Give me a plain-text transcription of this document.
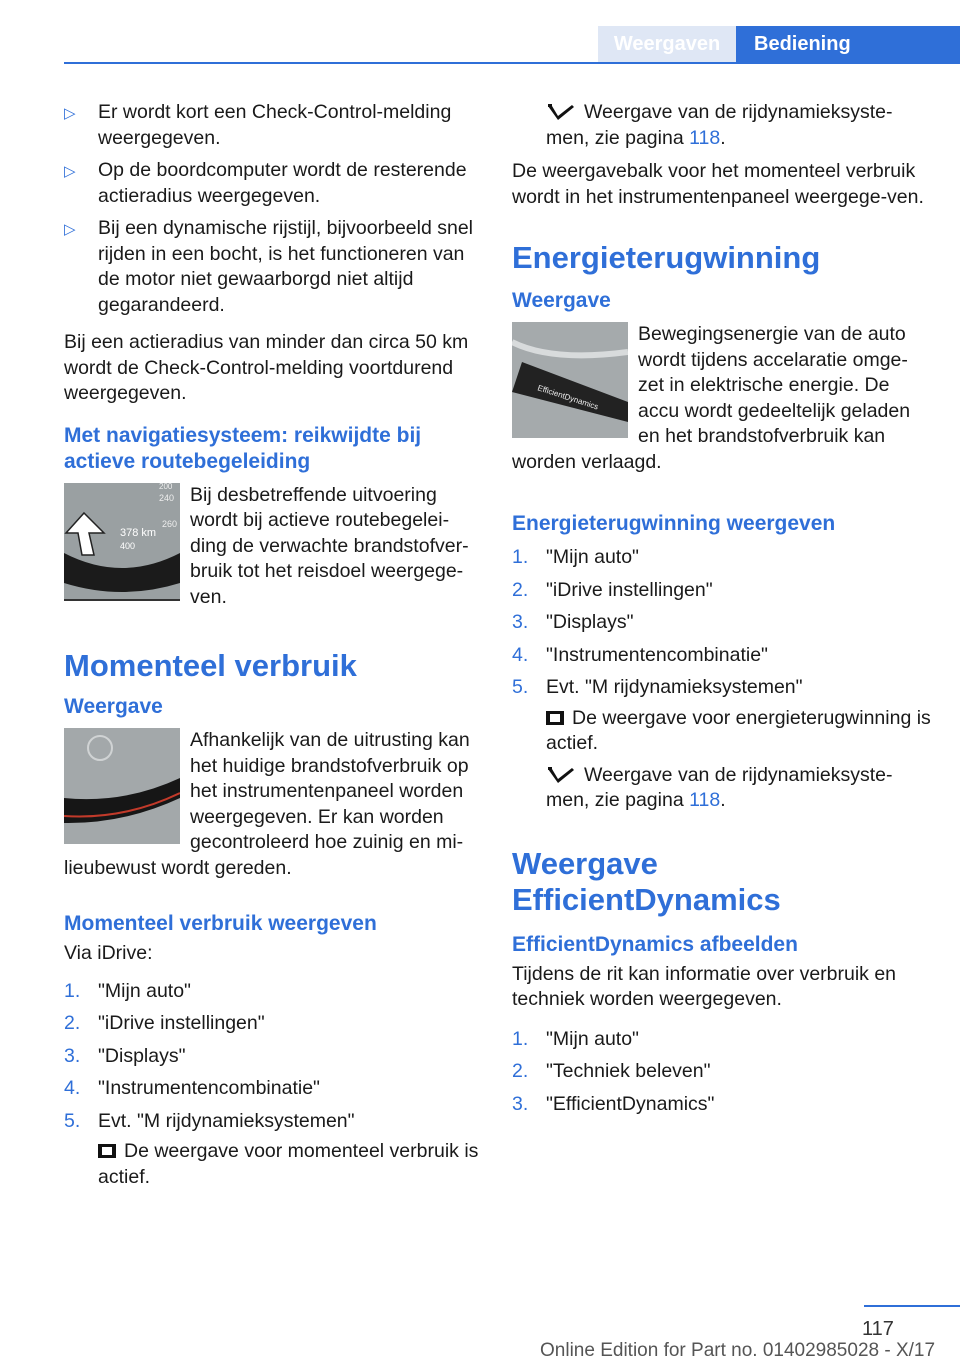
Weergaven	Bediening
▷ Er wordt kort een Check-Control-melding weergegeven.
▷ Op de boordcomputer wordt de resterende actieradius weergegeven.
▷ Bij een dynamische rijstijl, bijvoorbeeld snel rijden in een bocht, is het functioneren van de motor niet gewaarborgd niet altijd gegarandeerd.

Bij een actieradius van minder dan circa 50 km wordt de Check-Control-melding voortdurend weergegeven.

Met navigatiesysteem: reikwijdte bij actieve routebegeleiding
378 km
400
240
260
200 Bij desbetreffende uitvoering wordt bij actieve routebegelei-ding de verwachte brandstofver-bruik tot het reisdoel weergege-ven.

Momenteel verbruik
Weergave

Afhankelijk van de uitrusting kan het huidige brandstofverbruik op het instrumentenpaneel worden weergegeven. Er kan worden gecontroleerd hoe zuinig en mi-lieubewust wordt gereden.

Momenteel verbruik weergeven

Via iDrive:

1. "Mijn auto"
2. "iDrive instellingen"
3. "Displays"
4. "Instrumentencombinatie"
5. Evt. "M rijdynamieksystemen"

De weergave voor momenteel verbruik is actief.

Weergave van de rijdynamieksyste-men, zie pagina 118.

De weergavebalk voor het momenteel verbruik wordt in het instrumentenpaneel weergege-ven.

Energieterugwinning
Weergave
EfficientDynamics

Bewegingsenergie van de auto wordt tijdens accelaratie omge-zet in elektrische energie. De accu wordt gedeeltelijk geladen en het brandstofverbruik kan worden verlaagd.

Energieterugwinning weergeven
1. "Mijn auto"
2. "iDrive instellingen"
3. "Displays"
4. "Instrumentencombinatie"
5. Evt. "M rijdynamieksystemen"

De weergave voor energieterugwinning is actief.

Weergave van de rijdynamieksyste-men, zie pagina 118.

Weergave EfficientDynamics
EfficientDynamics afbeelden

Tijdens de rit kan informatie over verbruik en techniek worden weergegeven.

1. "Mijn auto"
2. "Techniek beleven"
3. "EfficientDynamics"
117
Online Edition for Part no. 01402985028 - X/17
